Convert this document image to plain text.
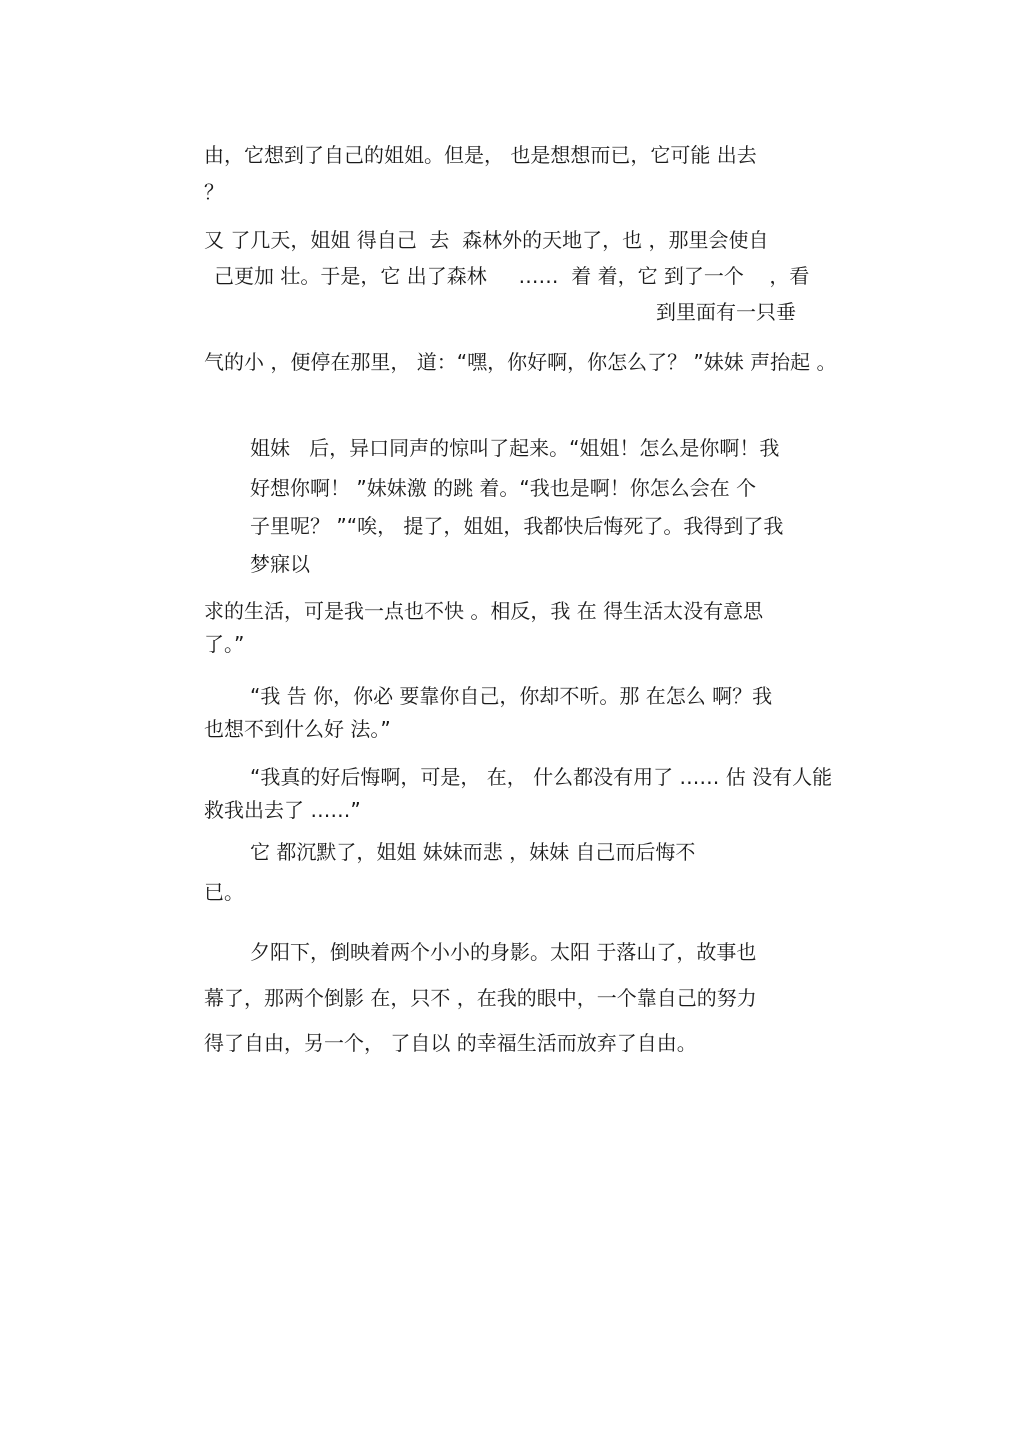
由，它想到了自己的姐姐。但是， 也是想想而已，它可能 出去
？
又 了几天，姐姐 得自己  去  森林外的天地了，也 ，那里会使自
己更加 壮。于是，它 出了森林     ……  着 着，它 到了一个    ，看
到里面有一只垂
气的小 ，便停在那里， 道：“嘿，你好啊，你怎么了？ ”妹妹 声抬起 。
姐妹   后，异口同声的惊叫了起来。“姐姐！怎么是你啊！我
好想你啊！ ”妹妹激 的跳 着。“我也是啊！你怎么会在 个
子里呢？ ”“唉， 提了，姐姐，我都快后悔死了。我得到了我
梦寐以
求的生活，可是我一点也不快 。相反，我 在 得生活太没有意思
了。”
“我 告 你，你必 要靠你自己，你却不听。那 在怎么 啊？我
也想不到什么好 法。”
“我真的好后悔啊，可是， 在， 什么都没有用了 …… 估 没有人能
救我出去了 ……”
它 都沉默了，姐姐 妹妹而悲 ，妹妹 自己而后悔不
已。
夕阳下，倒映着两个小小的身影。太阳 于落山了，故事也
幕了，那两个倒影 在，只不 ，在我的眼中，一个靠自己的努力
得了自由，另一个， 了自以 的幸福生活而放弃了自由。
